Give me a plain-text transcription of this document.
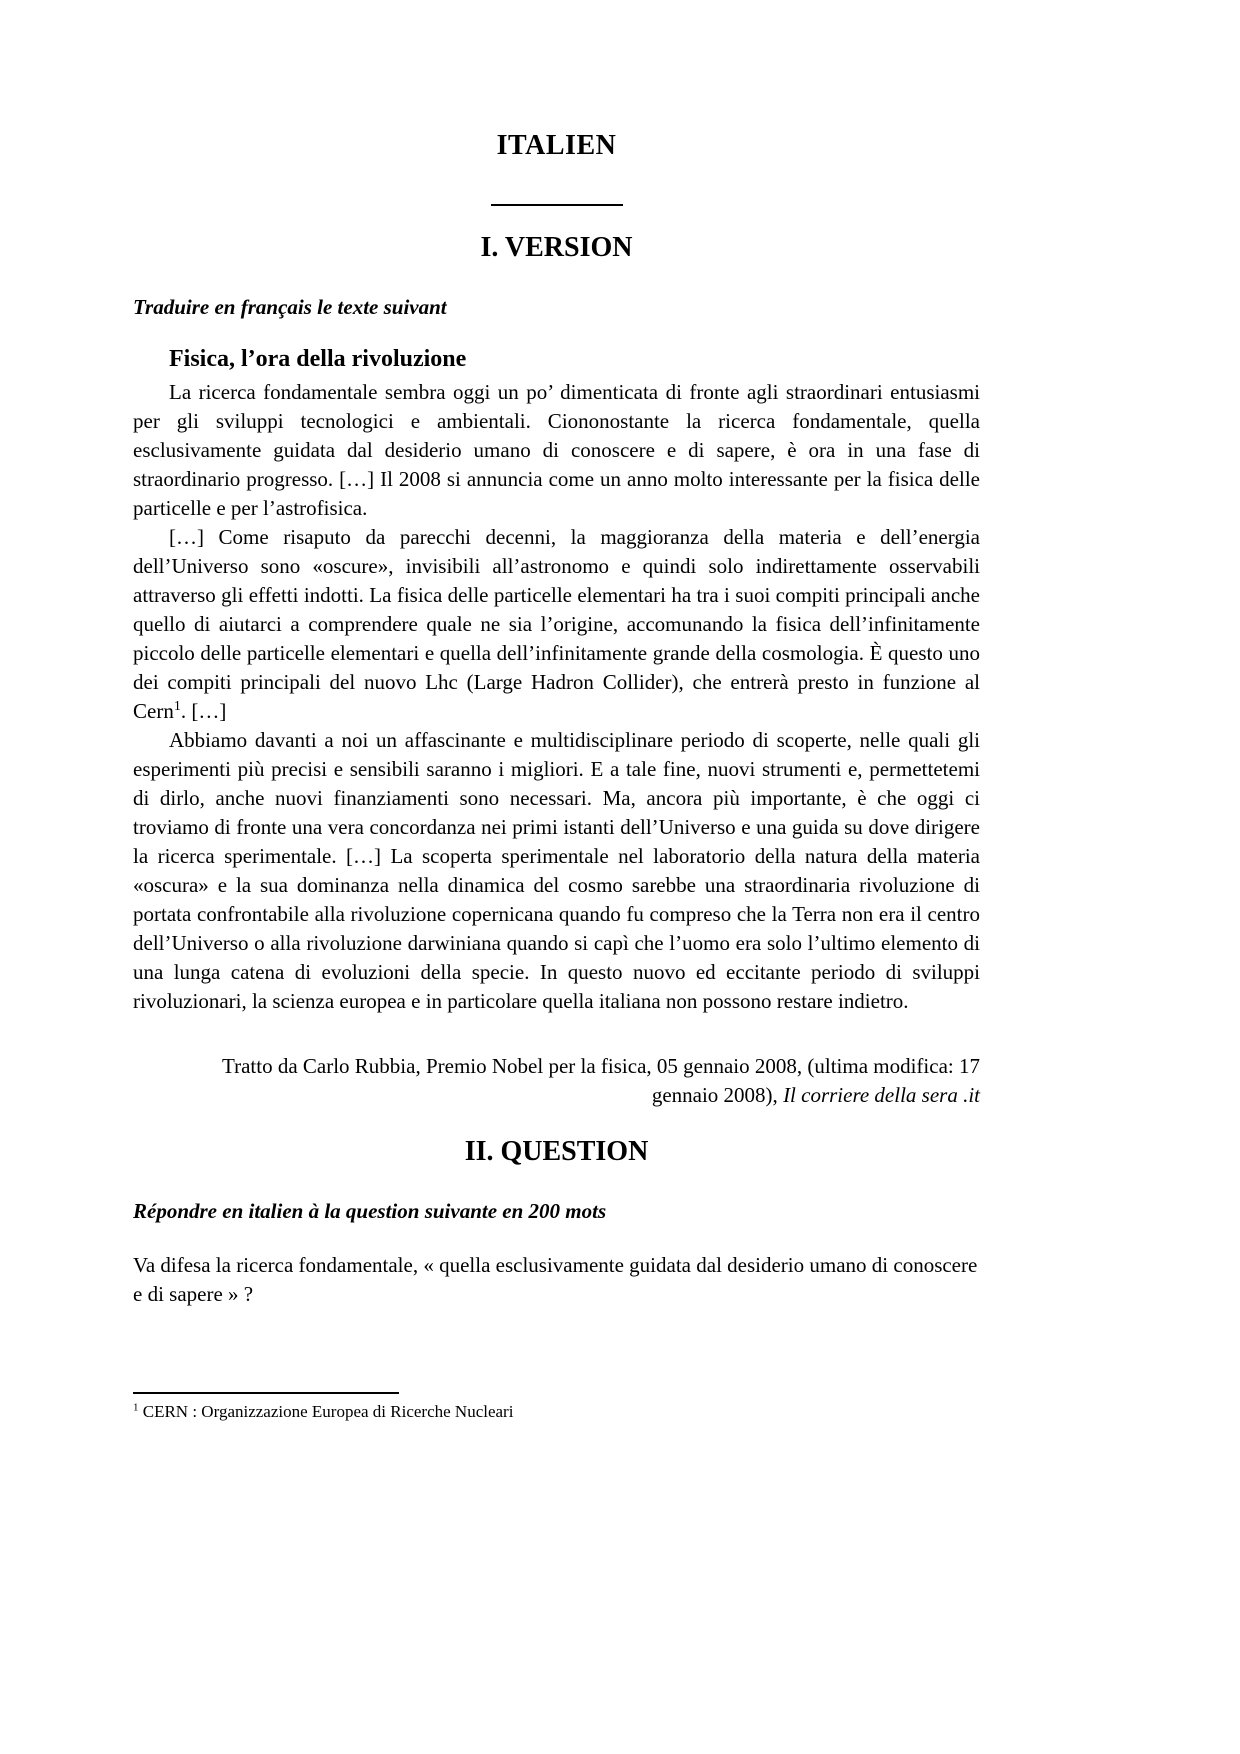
ITALIEN
I. VERSION

Traduire en français le texte suivant

Fisica, l’ora della rivoluzione

La ricerca fondamentale sembra oggi un po’ dimenticata di fronte agli straordinari entusiasmi per gli sviluppi tecnologici e ambientali. Ciononostante la ricerca fondamentale, quella esclusivamente guidata dal desiderio umano di conoscere e di sapere, è ora in una fase di straordinario progresso. […] Il 2008 si annuncia come un anno molto interessante per la fisica delle particelle e per l’astrofisica.

[…] Come risaputo da parecchi decenni, la maggioranza della materia e dell’energia dell’Universo sono «oscure», invisibili all’astronomo e quindi solo indirettamente osservabili attraverso gli effetti indotti. La fisica delle particelle elementari ha tra i suoi compiti principali anche quello di aiutarci a comprendere quale ne sia l’origine, accomunando la fisica dell’infinitamente piccolo delle particelle elementari e quella dell’infinitamente grande della cosmologia. È questo uno dei compiti principali del nuovo Lhc (Large Hadron Collider), che entrerà presto in funzione al Cern$^1$. […]

Abbiamo davanti a noi un affascinante e multidisciplinare periodo di scoperte, nelle quali gli esperimenti più precisi e sensibili saranno i migliori. E a tale fine, nuovi strumenti e, permettetemi di dirlo, anche nuovi finanziamenti sono necessari. Ma, ancora più importante, è che oggi ci troviamo di fronte una vera concordanza nei primi istanti dell’Universo e una guida su dove dirigere la ricerca sperimentale. […] La scoperta sperimentale nel laboratorio della natura della materia «oscura» e la sua dominanza nella dinamica del cosmo sarebbe una straordinaria rivoluzione di portata confrontabile alla rivoluzione copernicana quando fu compreso che la Terra non era il centro dell’Universo o alla rivoluzione darwiniana quando si capì che l’uomo era solo l’ultimo elemento di una lunga catena di evoluzioni della specie. In questo nuovo ed eccitante periodo di sviluppi rivoluzionari, la scienza europea e in particolare quella italiana non possono restare indietro.

Tratto da Carlo Rubbia, Premio Nobel per la fisica, 05 gennaio 2008, (ultima modifica: 17
gennaio 2008), Il corriere della sera .it

II. QUESTION

Répondre en italien à la question suivante en 200 mots

Va difesa la ricerca fondamentale, « quella esclusivamente guidata dal desiderio umano di conoscere e di sapere » ?

$^1$ CERN : Organizzazione Europea di Ricerche Nucleari
